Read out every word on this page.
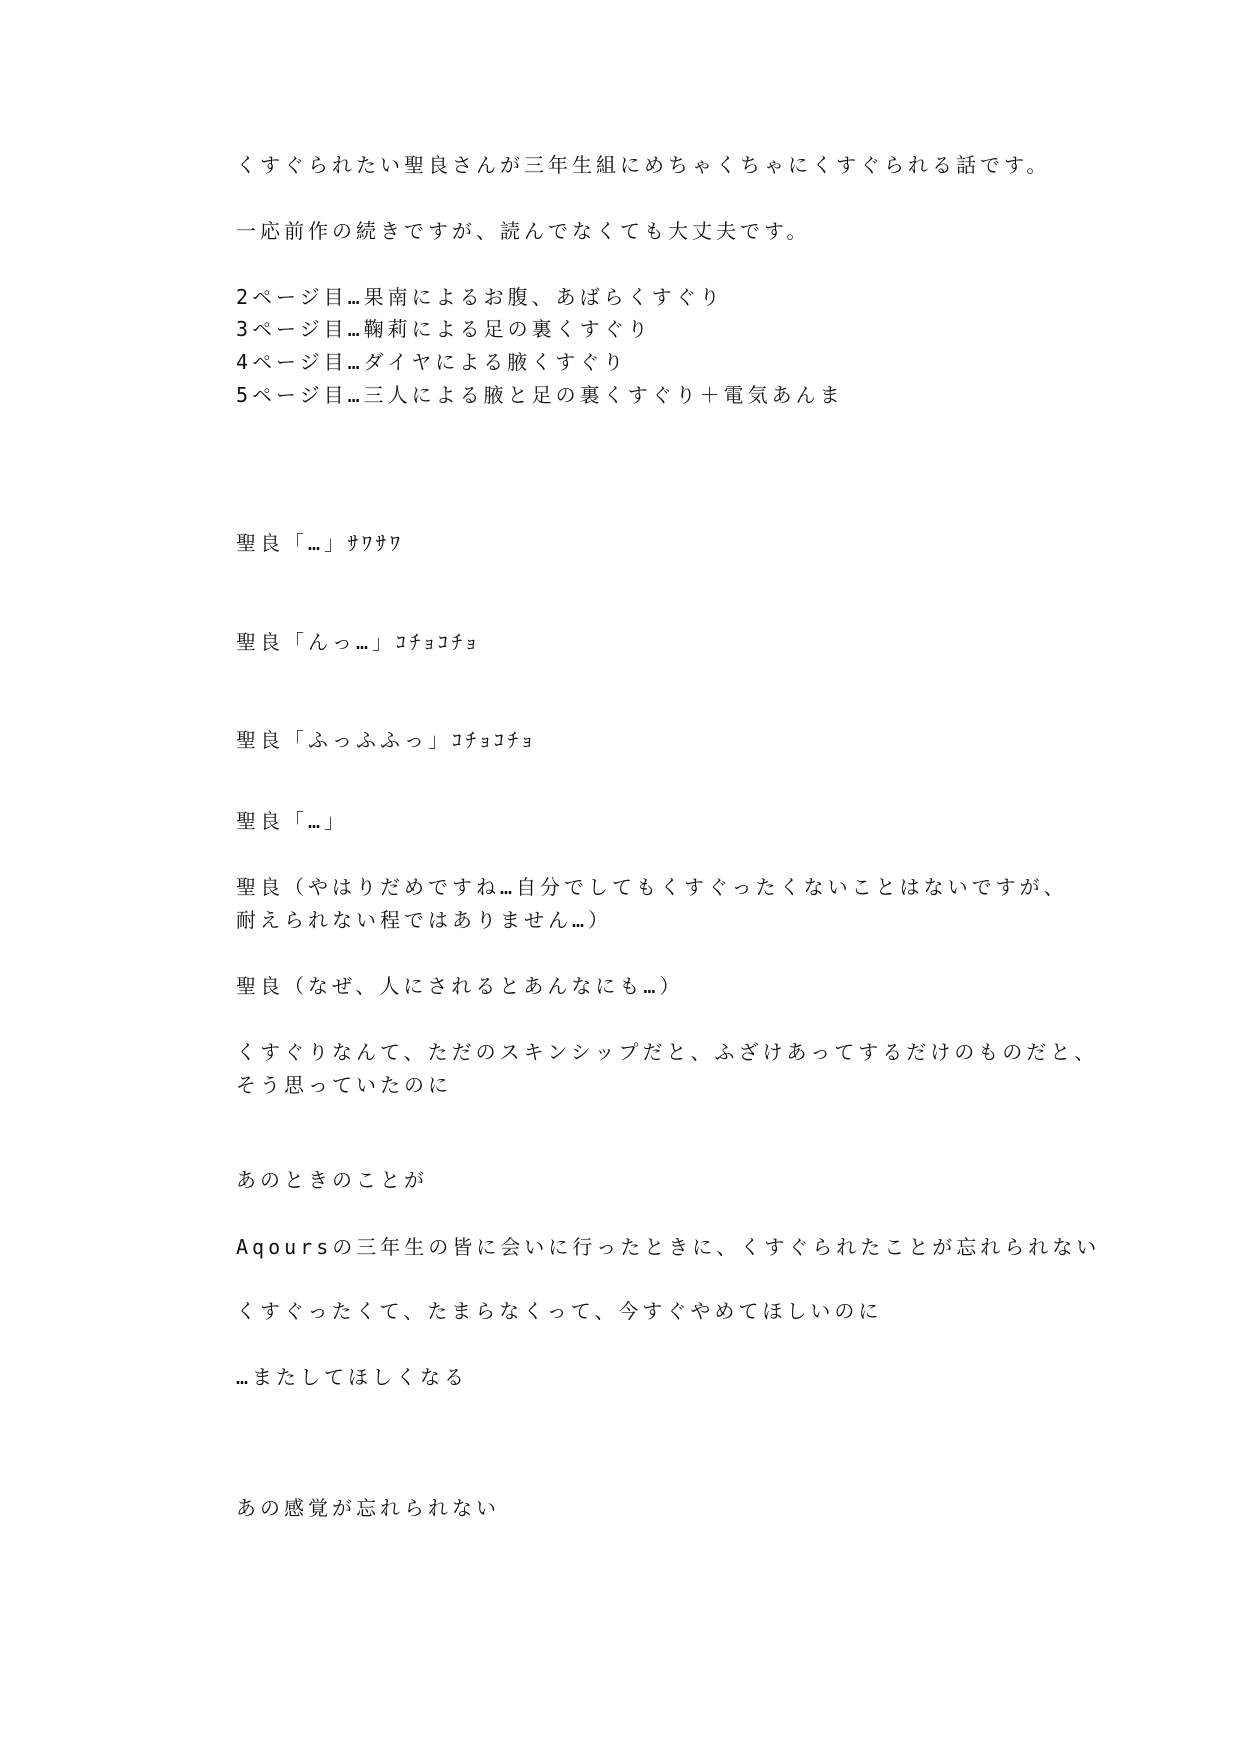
くすぐられたい聖良さんが三年生組にめちゃくちゃにくすぐられる話です。
一応前作の続きですが、読んでなくても大丈夫です。
2ページ目…果南によるお腹、あばらくすぐり
3ページ目…鞠莉による足の裏くすぐり
4ページ目…ダイヤによる腋くすぐり
5ページ目…三人による腋と足の裏くすぐり＋電気あんま
聖良「…」ｻﾜｻﾜ
聖良「んっ…」ｺﾁｮｺﾁｮ
聖良「ふっふふっ」ｺﾁｮｺﾁｮ
聖良「…」
聖良（やはりだめですね…自分でしてもくすぐったくないことはないですが、
耐えられない程ではありません…）
聖良（なぜ、人にされるとあんなにも…）
くすぐりなんて、ただのスキンシップだと、ふざけあってするだけのものだと、
そう思っていたのに
あのときのことが
Aqoursの三年生の皆に会いに行ったときに、くすぐられたことが忘れられない
くすぐったくて、たまらなくって、今すぐやめてほしいのに
…またしてほしくなる
あの感覚が忘れられない
